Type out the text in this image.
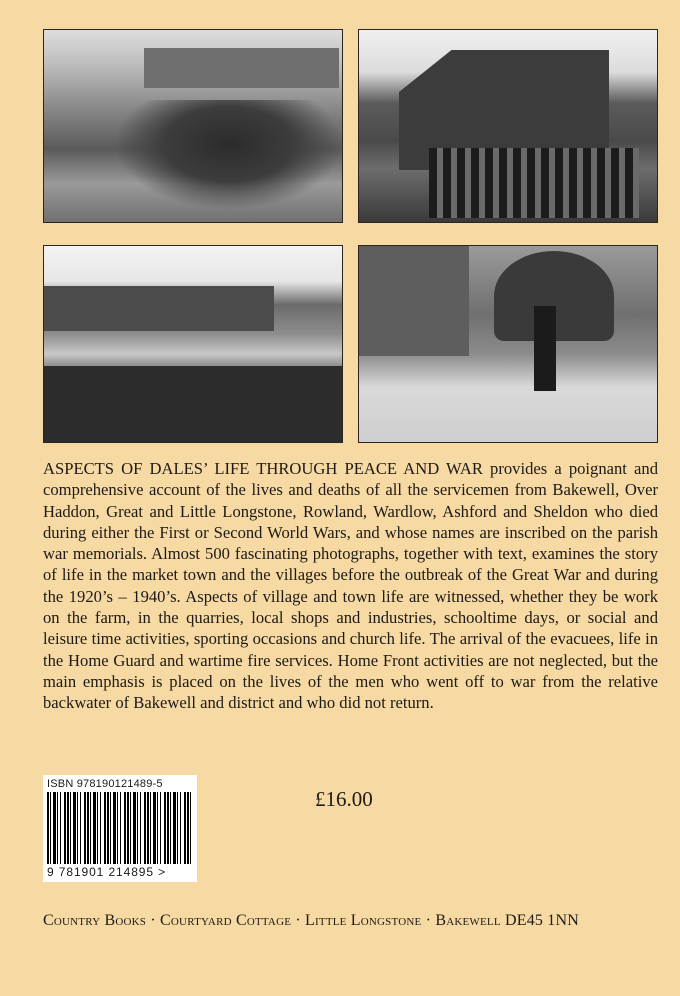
ASPECTS OF DALES’ LIFE THROUGH PEACE AND WAR provides a poignant and comprehensive account of the lives and deaths of all the servicemen from Bakewell, Over Haddon, Great and Little Longstone, Rowland, Wardlow, Ashford and Sheldon who died during either the First or Second World Wars, and whose names are inscribed on the parish war memorials. Almost 500 fascinating photographs, together with text, examines the story of life in the market town and the villages before the outbreak of the Great War and during the 1920’s – 1940’s. Aspects of village and town life are witnessed, whether they be work on the farm, in the quarries, local shops and industries, schooltime days, or social and leisure time activities, sporting occasions and church life. The arrival of the evacuees, life in the Home Guard and wartime fire services. Home Front activities are not neglected, but the main emphasis is placed on the lives of the men who went off to war from the relative backwater of Bakewell and district and who did not return.

ISBN 978190121489-5
9 781901 214895 >
£16.00
Country Books · Courtyard Cottage · Little Longstone · Bakewell DE45 1NN
